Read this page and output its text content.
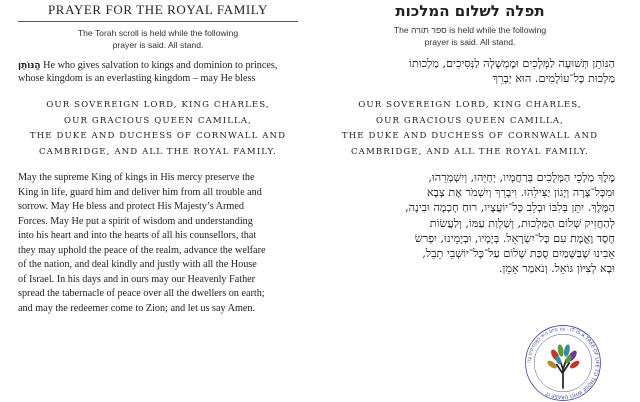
PRAYER FOR THE ROYAL FAMILY
The Torah scroll is held while the following
prayer is said. All stand.
הַנּוֹתֵן He who gives salvation to kings and dominion to princes, whose kingdom is an everlasting kingdom – may He bless
OUR SOVEREIGN LORD, KING CHARLES,
OUR GRACIOUS QUEEN CAMILLA,
THE DUKE AND DUCHESS OF CORNWALL AND
CAMBRIDGE, AND ALL THE ROYAL FAMILY.
May the supreme King of kings in His mercy preserve the
King in life, guard him and deliver him from all trouble and
sorrow. May He bless and protect His Majesty’s Armed
Forces. May He put a spirit of wisdom and understanding
into his heart and into the hearts of all his counsellors, that
they may uphold the peace of the realm, advance the welfare
of the nation, and deal kindly and justly with all the House
of Israel. In his days and in ours may our Heavenly Father
spread the tabernacle of peace over all the dwellers on earth;
and may the redeemer come to Zion; and let us say Amen.
תפלה לשלום המלכות
The ספר תורה is held while the following
prayer is said. All stand.
הַנּוֹתֵן תְּשׁוּעָה לַמְּלָכִים וּמֶמְשָׁלָה לַנְּסִיכִים, מַלְכוּתוֹ
מַלְכוּת כָּל־עוֹלָמִים. הוּא יְבָרֵךְ
OUR SOVEREIGN LORD, KING CHARLES,
OUR GRACIOUS QUEEN CAMILLA,
THE DUKE AND DUCHESS OF CORNWALL AND
CAMBRIDGE, AND ALL THE ROYAL FAMILY.
מֶלֶךְ מַלְכֵי הַמְּלָכִים בְּרַחֲמָיו, יְחַיֵּהוּ, וְיִשְׁמְרֵהוּ,
וּמִכָּל־צָרָה וְיָגוֹן יַצִּילֵהוּ. וִיבָרֵךְ וְיִשְׁמֹר אֶת צְבָא
הַמֶּלֶךְ. יִתֵּן בְּלִבּוֹ וּבְלֵב כָּל־יוֹעֲצָיו, רוּחַ חָכְמָה וּבִינָה,
לְהַחֲזִיק שְׁלוֹם הַמַּלְכוּת, וְשַׁלְוַת עַמּוֹ, וְלַעֲשׂוֹת
חֶסֶד וֶאֱמֶת עִם כָּל־יִשְׂרָאֵל. בְּיָמָיו, וּבְיָמֵינוּ, יִפְרשׂ
אָבִינוּ שֶׁבַּשָּׁמַיִם סֻכַּת שָׁלוֹם עַל־כָּל־יוֹשְׁבֵי תֵבֵל,
וּבָא לְצִיּוֹן גּוֹאֵל. וְנֹאמַר אָמֵן.
עֵץ חַיִּים הִיא לַמַּחֲזִיקִים בָּהּ · IT IS A TREE OF LIFE TO THOSE WHO GRASP IT
